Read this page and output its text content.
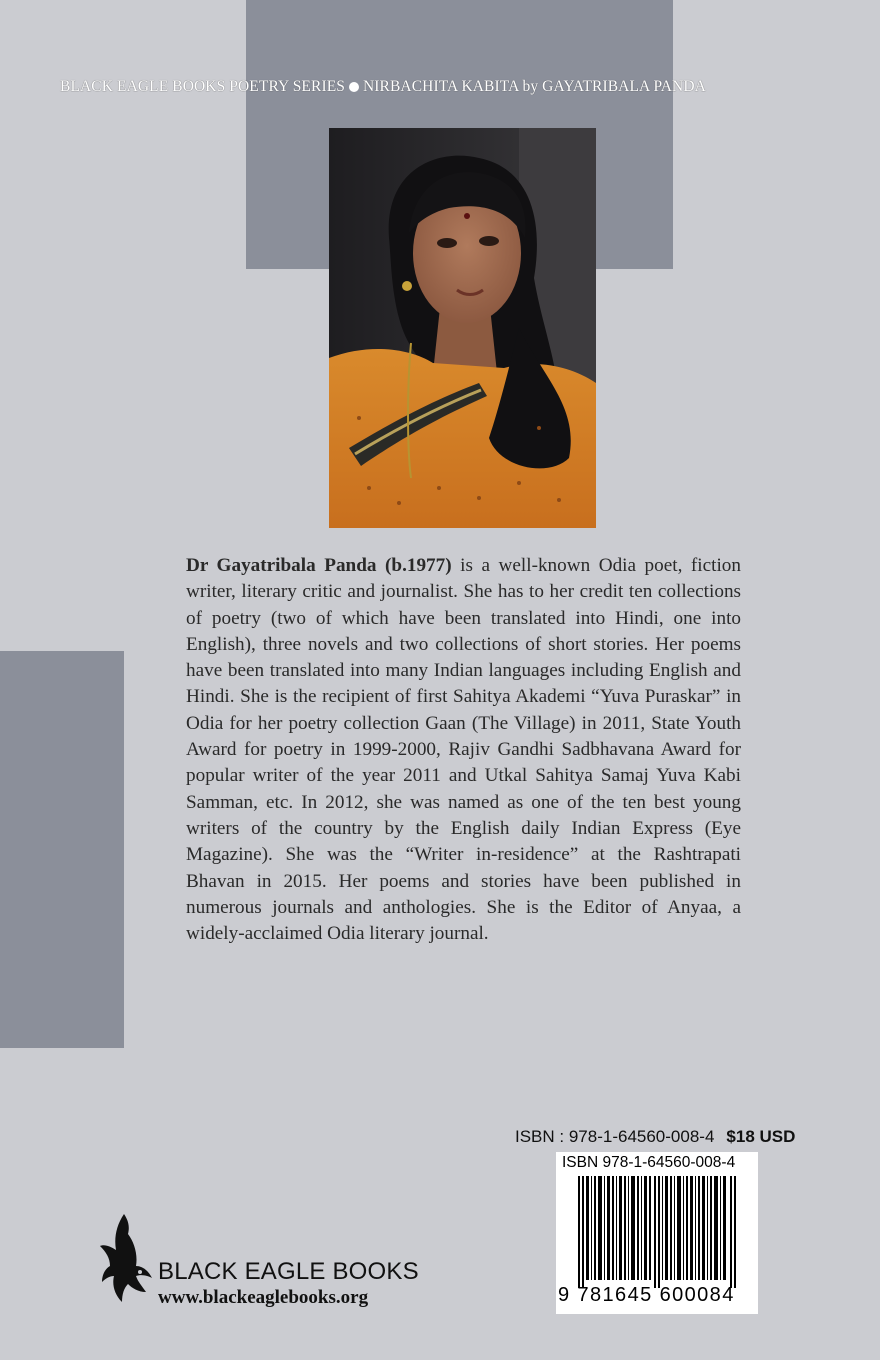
BLACK EAGLE BOOKS POETRY SERIES NIRBACHITA KABITA by GAYATRIBALA PANDA
Dr Gayatribala Panda (b.1977) is a well-known Odia poet, fiction writer, literary critic and journalist. She has to her credit ten collections of poetry (two of which have been translated into Hindi, one into English), three novels and two collections of short stories. Her poems have been translated into many Indian languages including English and Hindi. She is the recipient of first Sahitya Akademi “Yuva Puraskar” in Odia for her poetry collection Gaan (The Village) in 2011, State Youth Award for poetry in 1999-2000, Rajiv Gandhi Sadbhavana Award for popular writer of the year 2011 and Utkal Sahitya Samaj Yuva Kabi Samman, etc. In 2012, she was named as one of the ten best young writers of the country by the English daily Indian Express (Eye Magazine). She was the “Writer in-residence” at the Rashtrapati Bhavan in 2015. Her poems and stories have been published in numerous journals and anthologies. She is the Editor of Anyaa, a widely-acclaimed Odia literary journal.
ISBN : 978-1-64560-008-4 $18 USD
ISBN 978-1-64560-008-4
9 781645 600084
BLACK EAGLE BOOKS
www.blackeaglebooks.org
